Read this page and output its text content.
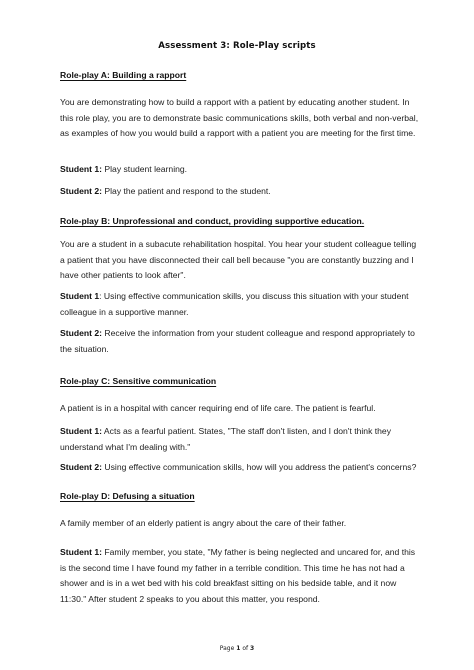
Assessment 3: Role-Play scripts
Role-play A: Building a rapport
You are demonstrating how to build a rapport with a patient by educating another student. In this role play, you are to demonstrate basic communications skills, both verbal and non-verbal, as examples of how you would build a rapport with a patient you are meeting for the first time.
Student 1: Play student learning.
Student 2: Play the patient and respond to the student.
Role-play B: Unprofessional and conduct, providing supportive education.
You are a student in a subacute rehabilitation hospital. You hear your student colleague telling a patient that you have disconnected their call bell because "you are constantly buzzing and I have other patients to look after".
Student 1: Using effective communication skills, you discuss this situation with your student colleague in a supportive manner.
Student 2: Receive the information from your student colleague and respond appropriately to the situation.
Role-play C: Sensitive communication
A patient is in a hospital with cancer requiring end of life care. The patient is fearful.
Student 1: Acts as a fearful patient. States, "The staff don't listen, and I don't think they understand what I'm dealing with."
Student 2: Using effective communication skills, how will you address the patient's concerns?
Role-play D: Defusing a situation
A family member of an elderly patient is angry about the care of their father.
Student 1: Family member, you state, "My father is being neglected and uncared for, and this is the second time I have found my father in a terrible condition. This time he has not had a shower and is in a wet bed with his cold breakfast sitting on his bedside table, and it now 11:30." After student 2 speaks to you about this matter, you respond.
Page 1 of 3
